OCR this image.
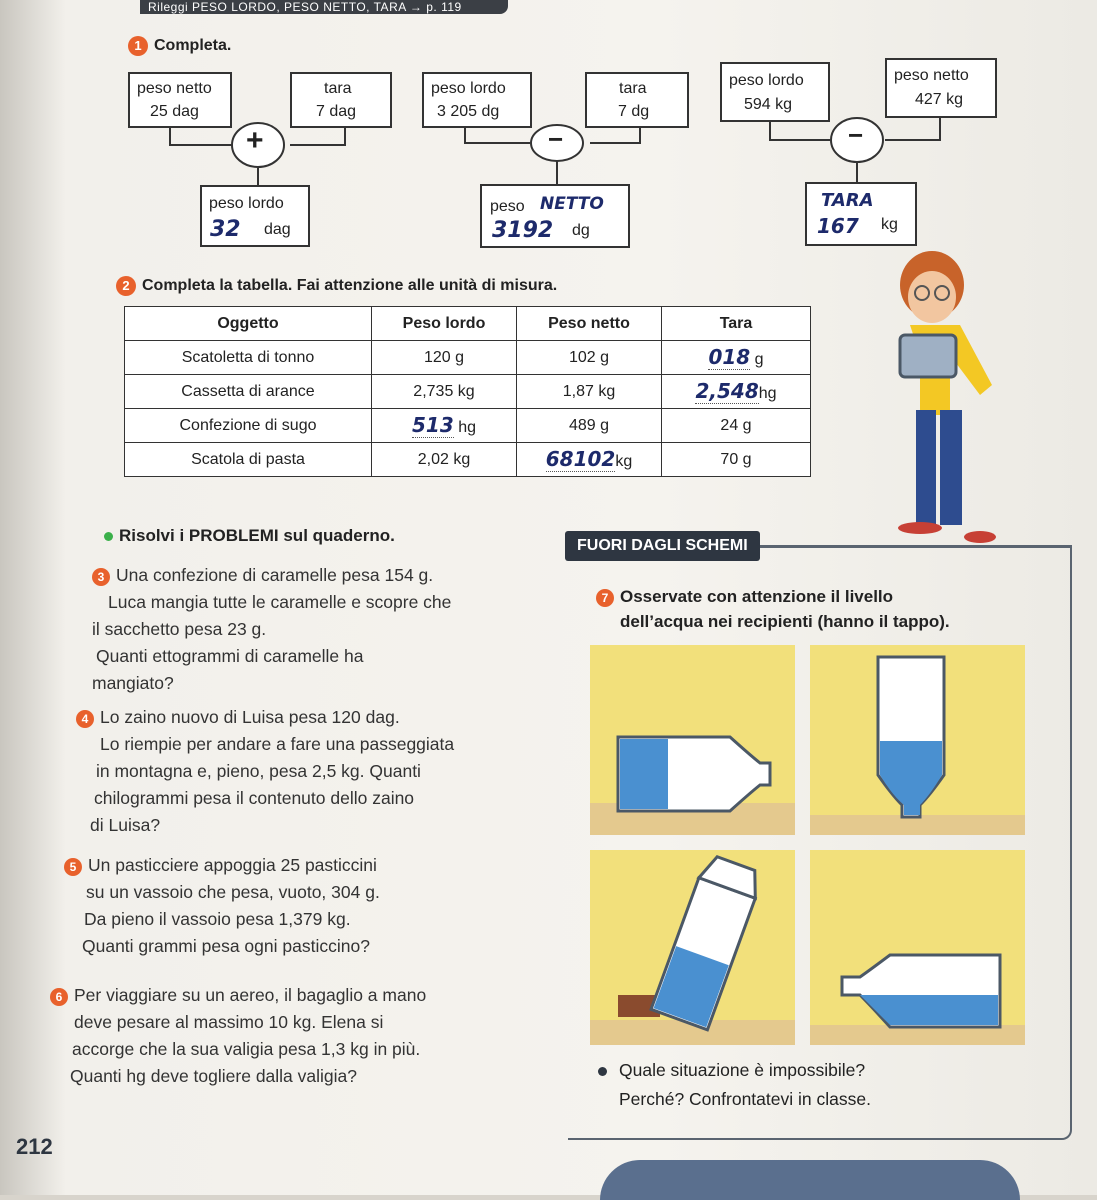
Rileggi PESO LORDO, PESO NETTO, TARA → p. 119
1 Completa.
peso netto
25 dag
tara
7 dag
+
peso lordo
32 dag
peso lordo
3 205 dg
tara
7 dg
−
peso NETTO
3192 dg
peso lordo
594 kg
peso netto
427 kg
−
TARA
167 kg
2 Completa la tabella. Fai attenzione alle unità di misura.
Oggetto	Peso lordo	Peso netto	Tara
Scatoletta di tonno	120 g	102 g	018 g
Cassetta di arance	2,735 kg	1,87 kg	2,548hg
Confezione di sugo	513 hg	489 g	24 g
Scatola di pasta	2,02 kg	68102kg	70 g
Risolvi i PROBLEMI sul quaderno.
3 Una confezione di caramelle pesa 154 g.
Luca mangia tutte le caramelle e scopre che
il sacchetto pesa 23 g.
Quanti ettogrammi di caramelle ha
mangiato?
4 Lo zaino nuovo di Luisa pesa 120 dag.
Lo riempie per andare a fare una passeggiata
in montagna e, pieno, pesa 2,5 kg. Quanti
chilogrammi pesa il contenuto dello zaino
di Luisa?
5 Un pasticciere appoggia 25 pasticcini
su un vassoio che pesa, vuoto, 304 g.
Da pieno il vassoio pesa 1,379 kg.
Quanti grammi pesa ogni pasticcino?
6 Per viaggiare su un aereo, il bagaglio a mano
deve pesare al massimo 10 kg. Elena si
accorge che la sua valigia pesa 1,3 kg in più.
Quanti hg deve togliere dalla valigia?
FUORI DAGLI SCHEMI
7 Osservate con attenzione il livello
dell’acqua nei recipienti (hanno il tappo).
Quale situazione è impossibile?
Perché? Confrontatevi in classe.
212
